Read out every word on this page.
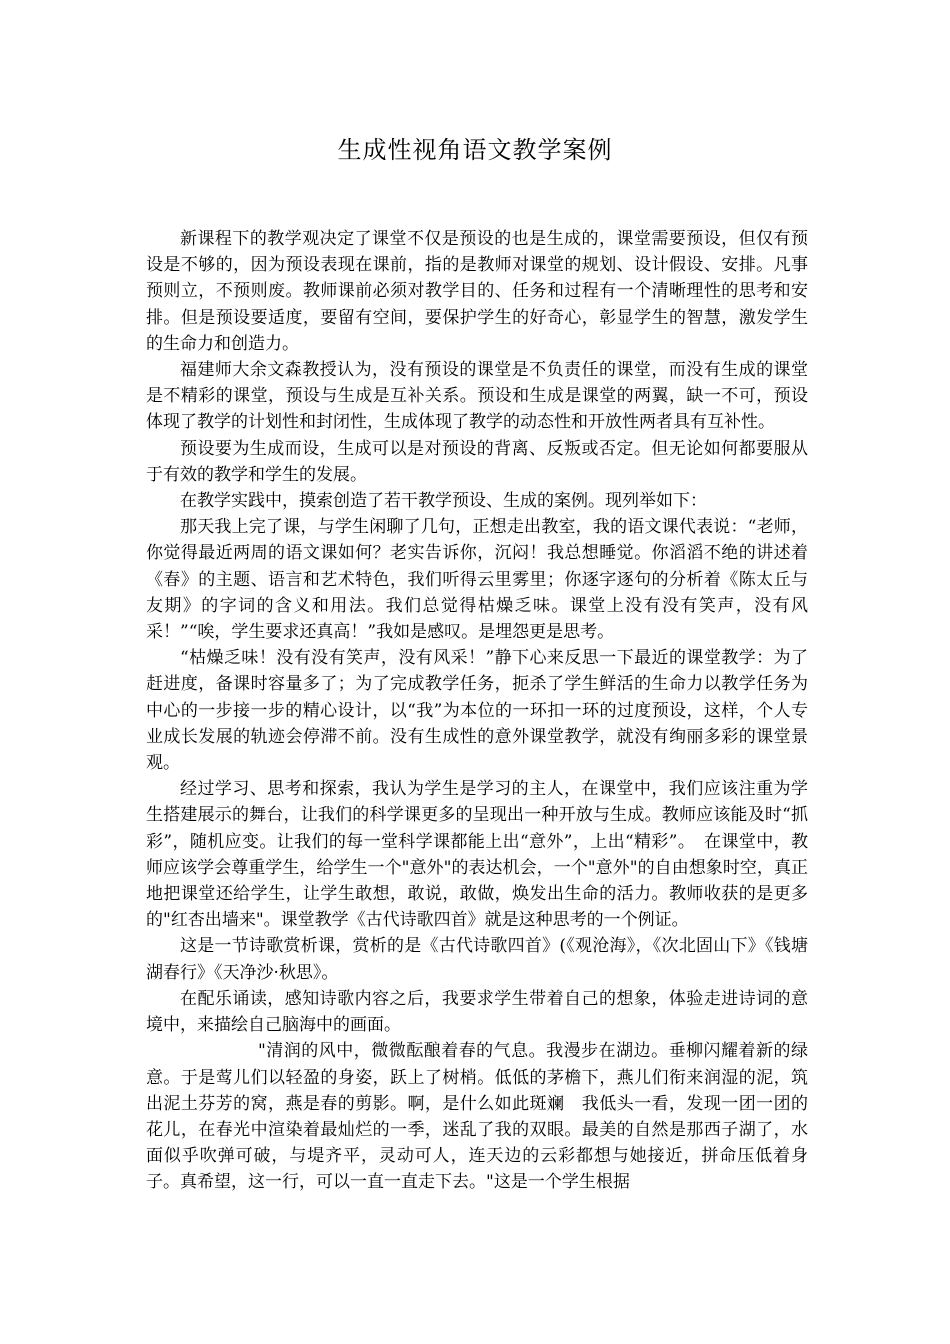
生成性视角语文教学案例

新课程下的教学观决定了课堂不仅是预设的也是生成的，课堂需要预设，但仅有预设是不够的，因为预设表现在课前，指的是教师对课堂的规划、设计假设、安排。凡事预则立，不预则废。教师课前必须对教学目的、任务和过程有一个清晰理性的思考和安排。但是预设要适度，要留有空间，要保护学生的好奇心，彰显学生的智慧，激发学生的生命力和创造力。

福建师大余文森教授认为，没有预设的课堂是不负责任的课堂，而没有生成的课堂是不精彩的课堂，预设与生成是互补关系。预设和生成是课堂的两翼，缺一不可，预设体现了教学的计划性和封闭性，生成体现了教学的动态性和开放性两者具有互补性。

预设要为生成而设，生成可以是对预设的背离、反叛或否定。但无论如何都要服从于有效的教学和学生的发展。

在教学实践中，摸索创造了若干教学预设、生成的案例。现列举如下：

那天我上完了课，与学生闲聊了几句，正想走出教室，我的语文课代表说：“老师，你觉得最近两周的语文课如何？老实告诉你，沉闷！我总想睡觉。你滔滔不绝的讲述着《春》的主题、语言和艺术特色，我们听得云里雾里；你逐字逐句的分析着《陈太丘与友期》的字词的含义和用法。我们总觉得枯燥乏味。课堂上没有没有笑声，没有风采！”“唉，学生要求还真高！”我如是感叹。是埋怨更是思考。

“枯燥乏味！没有没有笑声，没有风采！”静下心来反思一下最近的课堂教学：为了赶进度，备课时容量多了；为了完成教学任务，扼杀了学生鲜活的生命力以教学任务为中心的一步接一步的精心设计，以“我”为本位的一环扣一环的过度预设，这样，个人专业成长发展的轨迹会停滞不前。没有生成性的意外课堂教学，就没有绚丽多彩的课堂景观。

经过学习、思考和探索，我认为学生是学习的主人，在课堂中，我们应该注重为学生搭建展示的舞台，让我们的科学课更多的呈现出一种开放与生成。教师应该能及时“抓彩”，随机应变。让我们的每一堂科学课都能上出“意外”，上出“精彩”。　在课堂中，教师应该学会尊重学生，给学生一个"意外"的表达机会，一个"意外"的自由想象时空，真正地把课堂还给学生，让学生敢想，敢说，敢做，焕发出生命的活力。教师收获的是更多的"红杏出墙来"。课堂教学《古代诗歌四首》就是这种思考的一个例证。

这是一节诗歌赏析课，赏析的是《古代诗歌四首》(《观沧海》，《次北固山下》《钱塘湖春行》《天净沙·秋思》。

在配乐诵读，感知诗歌内容之后，我要求学生带着自己的想象，体验走进诗词的意境中，来描绘自己脑海中的画面。

"清润的风中，微微酝酿着春的气息。我漫步在湖边。垂柳闪耀着新的绿意。于是莺儿们以轻盈的身姿，跃上了树梢。低低的茅檐下，燕儿们衔来润湿的泥，筑出泥土芬芳的窝，燕是春的剪影。啊，是什么如此斑斓　我低头一看，发现一团一团的花儿，在春光中渲染着最灿烂的一季，迷乱了我的双眼。最美的自然是那西子湖了，水面似乎吹弹可破，与堤齐平，灵动可人，连天边的云彩都想与她接近，拼命压低着身子。真希望，这一行，可以一直一直走下去。"这是一个学生根据
